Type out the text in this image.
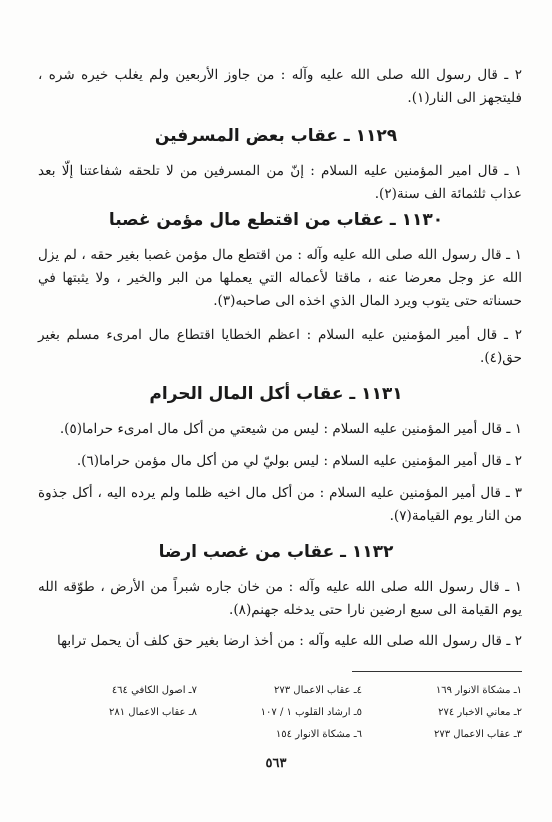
٢ ـ قال رسول الله صلى الله عليه وآله : من جاوز الأربعين ولم يغلب خيره شره ، فليتجهز الى النار(١).
١١٢٩ ـ عقاب بعض المسرفين
١ ـ قال امير المؤمنين عليه السلام : إنّ من المسرفين من لا تلحقه شفاعتنا إلّا بعد عذاب ثلثمائة الف سنة(٢).
١١٣٠ ـ عقاب من اقتطع مال مؤمن غصبا
١ ـ قال رسول الله صلى الله عليه وآله : من اقتطع مال مؤمن غصبا بغير حقه ، لم يزل الله عز وجل معرضا عنه ، ماقتا لأعماله التي يعملها من البر والخير ، ولا يثبتها في حسناته حتى يتوب ويرد المال الذي اخذه الى صاحبه(٣).
٢ ـ قال أمير المؤمنين عليه السلام : اعظم الخطايا اقتطاع مال امرىء مسلم بغير حق(٤).
١١٣١ ـ عقاب أكل المال الحرام
١ ـ قال أمير المؤمنين عليه السلام : ليس من شيعتي من أكل مال امرىء حراما(٥).
٢ ـ قال أمير المؤمنين عليه السلام : ليس بوليّ لي من أكل مال مؤمن حراما(٦).
٣ ـ قال أمير المؤمنين عليه السلام : من أكل مال اخيه ظلما ولم يرده اليه ، أكل جذوة من النار يوم القيامة(٧).
١١٣٢ ـ عقاب من غصب ارضا
١ ـ قال رسول الله صلى الله عليه وآله : من خان جاره شبراً من الأرض ، طوّقه الله يوم القيامة الى سبع ارضين نارا حتى يدخله جهنم(٨).
٢ ـ قال رسول الله صلى الله عليه وآله : من أخذ ارضا بغير حق كلف أن يحمل ترابها
١ـ مشكاة الانوار ١٦٩
٢ـ معاني الاخبار ٢٧٤
٣ـ عقاب الاعمال ٢٧٣
٤ـ عقاب الاعمال ٢٧٣
٥ـ ارشاد القلوب ١ / ١٠٧
٦ـ مشكاة الانوار ١٥٤
٧ـ اصول الكافي ٤٦٤
٨ـ عقاب الاعمال ٢٨١
٥٦٣
